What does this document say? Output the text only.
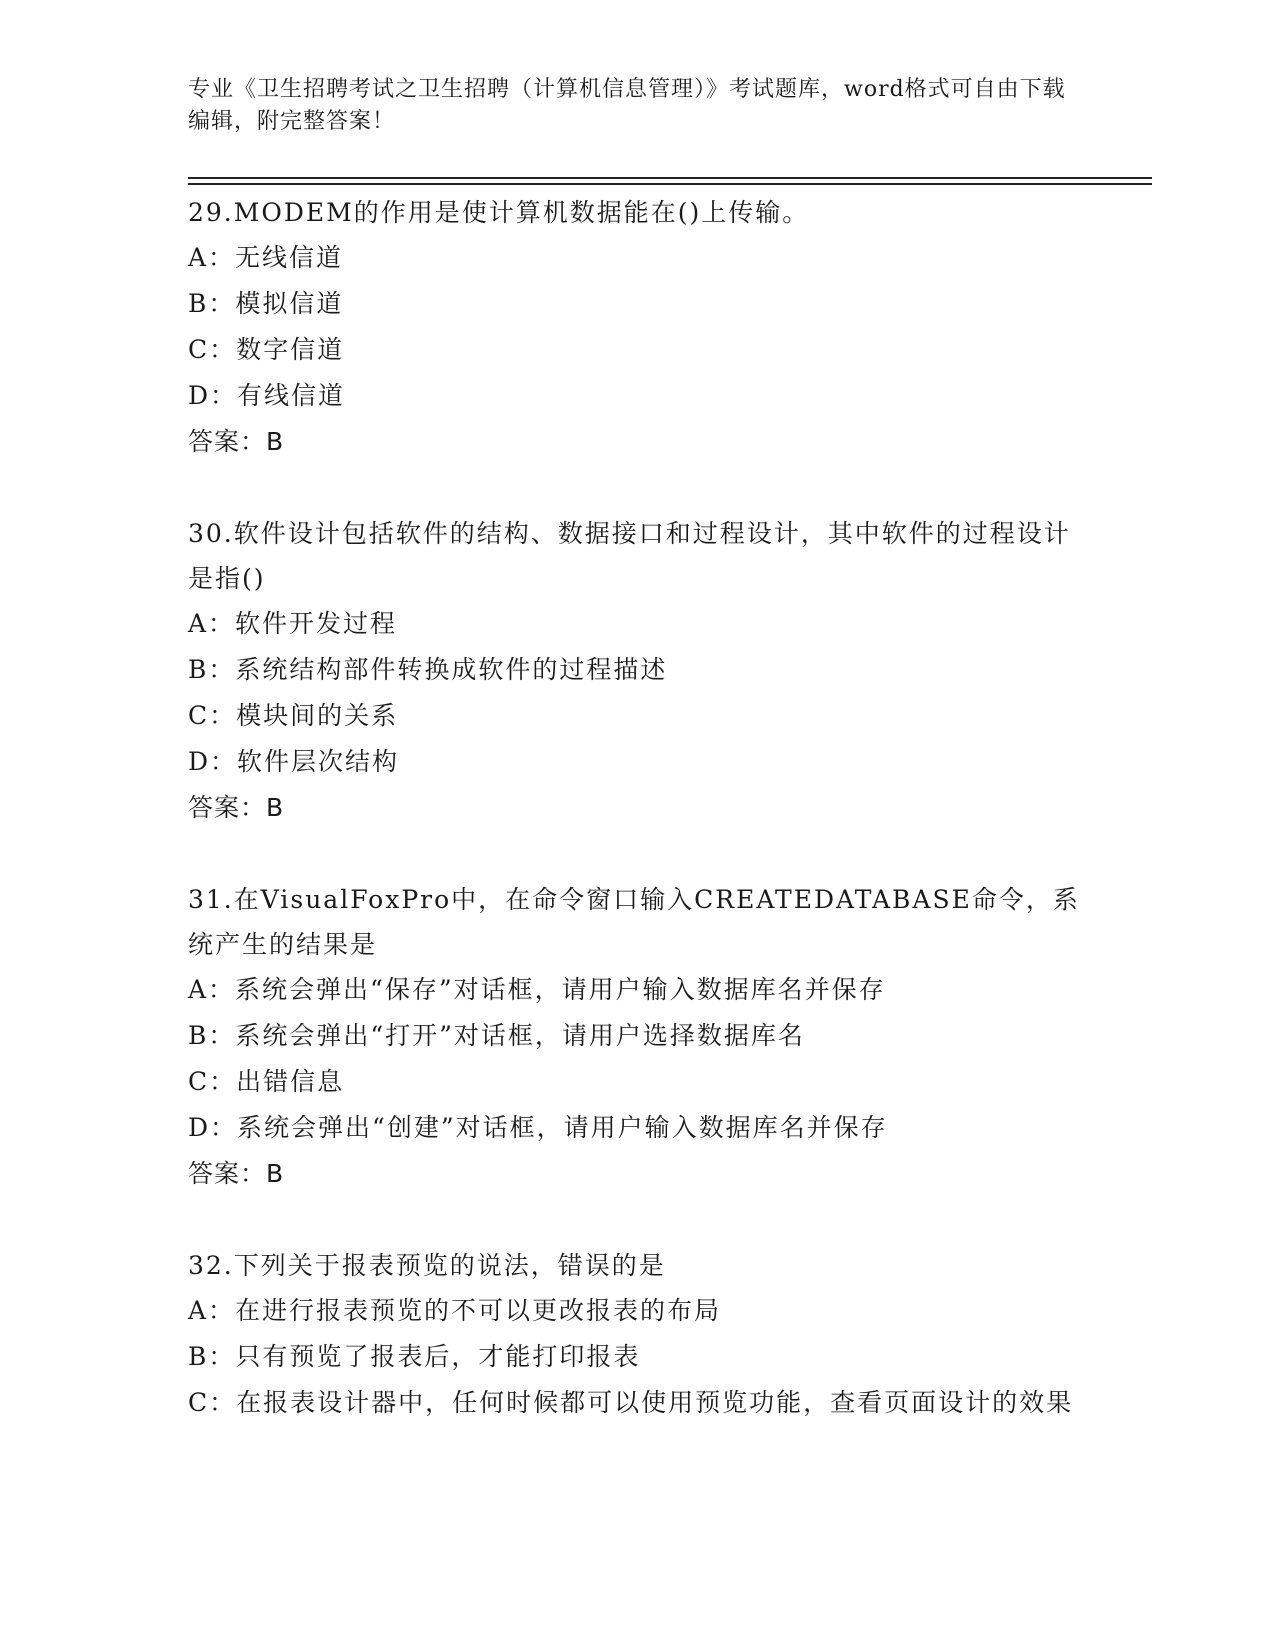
专业《卫生招聘考试之卫生招聘（计算机信息管理）》考试题库，word格式可自由下载编辑，附完整答案！
29.MODEM的作用是使计算机数据能在()上传输。
A：无线信道
B：模拟信道
C：数字信道
D：有线信道
答案：B
30.软件设计包括软件的结构、数据接口和过程设计，其中软件的过程设计是指()
A：软件开发过程
B：系统结构部件转换成软件的过程描述
C：模块间的关系
D：软件层次结构
答案：B
31.在VisualFoxPro中，在命令窗口输入CREATEDATABASE命令，系统产生的结果是
A：系统会弹出“保存”对话框，请用户输入数据库名并保存
B：系统会弹出“打开”对话框，请用户选择数据库名
C：出错信息
D：系统会弹出“创建”对话框，请用户输入数据库名并保存
答案：B
32.下列关于报表预览的说法，错误的是
A：在进行报表预览的不可以更改报表的布局
B：只有预览了报表后，才能打印报表
C：在报表设计器中，任何时候都可以使用预览功能，查看页面设计的效果
